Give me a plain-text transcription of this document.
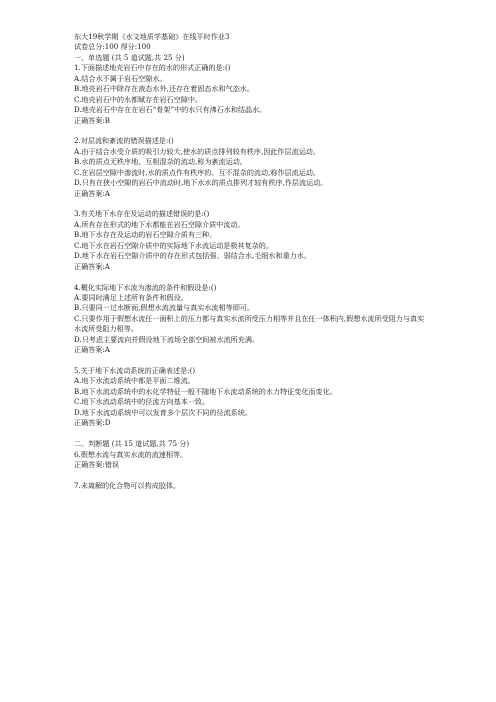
东大19秋学期《水文地质学基础》在线平时作业3
试卷总分:100 得分:100
一、单选题 (共 5 道试题,共 25 分)
1.下面描述地壳岩石中存在的水的形式正确的是:()
A.结合水不属于岩石空隙水。
B.地壳岩石中除存在液态水外,还存在着固态水和气态水。
C.地壳岩石中的水都赋存在岩石空隙中。
D.地壳岩石中存在在岩石“骨架”中的水只有沸石水和结晶水。
正确答案:B
2.对层流和紊流的错误描述是:()
A.由于结合水受介质的吸引力较大,使水的质点排列较有秩序,因此作层流运动。
B.水的质点无秩序地、互相混杂的流动,称为紊流运动。
C.在岩层空隙中渗流时,水的质点作有秩序的、互不混杂的流动,称作层流运动。
D.只有在狭小空隙的岩石中流动时,地下水水的质点排列才较有秩序,作层流运动。
正确答案:A
3.有关地下水存在及运动的描述错误的是:()
A.所有存在形式的地下水都能在岩石空隙介质中流动。
B.地下水存在及运动的岩石空隙介质有三种。
C.地下水在岩石空隙介质中的实际地下水流运动是极其复杂的。
D.地下水在岩石空隙介质中的存在形式包括强、弱结合水,毛细水和重力水。
正确答案:A
4.概化实际地下水流为渗流的条件和假设是:()
A.要同时满足上述所有条件和假设。
B.只要同一过水断面,假想水流流量与真实水流相等即可。
C.只要作用于假想水流任一面积上的压力都与真实水流所受压力相等并且在任一体积内,假想水流所受阻力与真实水流所受阻力相等。
D.只考虑主要流向并假设地下流场全部空间被水流所充满。
正确答案:A
5.关于地下水流动系统的正确表述是:()
A.地下水流动系统中都是平面二维流。
B.地下水流动系统中的水化学特征一般不随地下水流动系统的水力特征变化而变化。
C.地下水流动系统中的径流方向基本一致。
D.地下水流动系统中可以发育多个层次不同的径流系统。
正确答案:D
二、判断题 (共 15 道试题,共 75 分)
6.假想水流与真实水流的流速相等。
正确答案:错误
7.未离解的化合物可以构成胶体。
